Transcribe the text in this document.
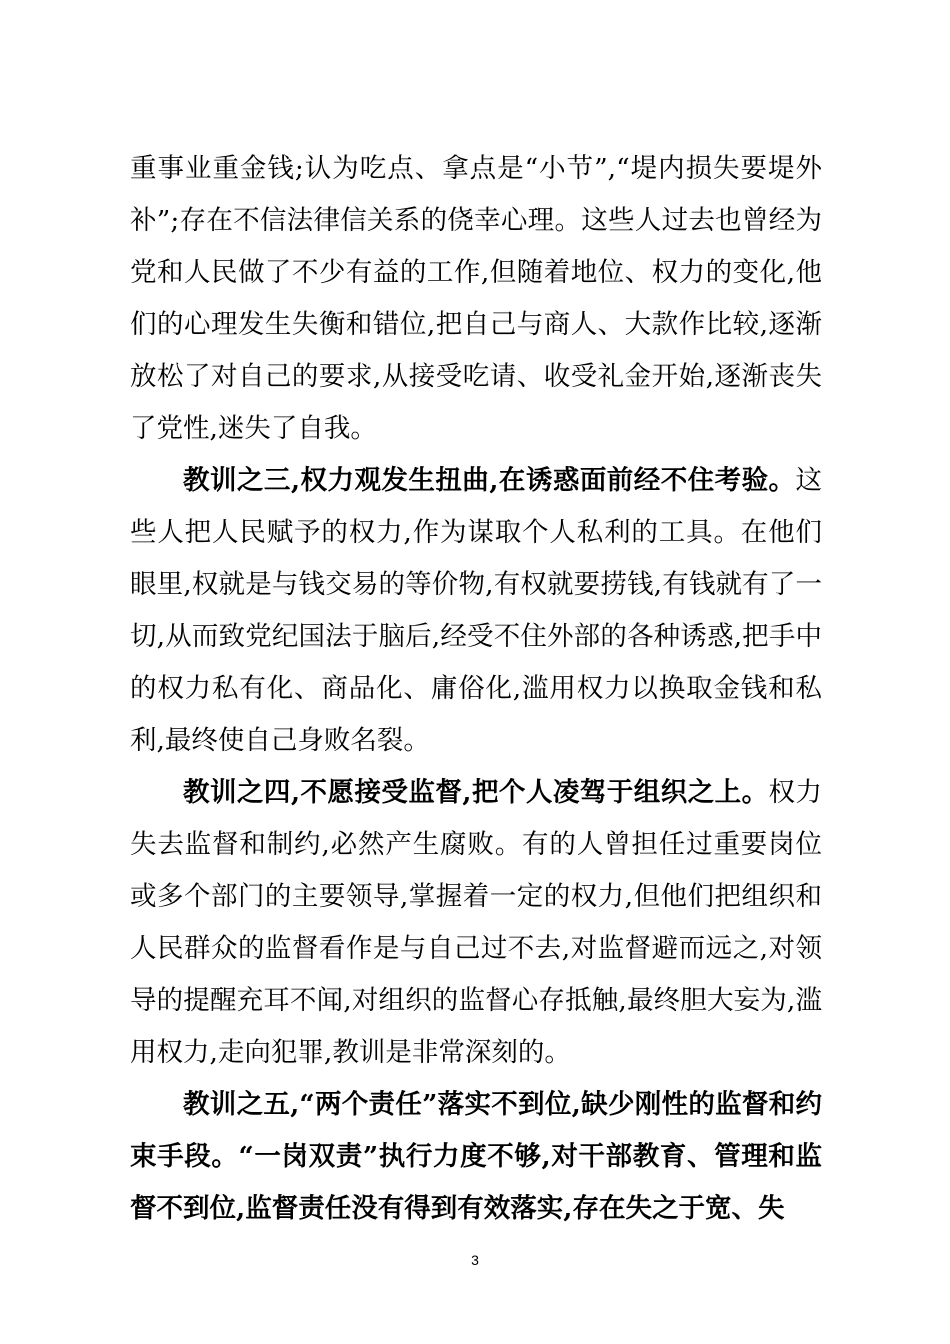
重事业重金钱;认为吃点、拿点是“小节”,“堤内损失要堤外补”;存在不信法律信关系的侥幸心理。这些人过去也曾经为党和人民做了不少有益的工作,但随着地位、权力的变化,他们的心理发生失衡和错位,把自己与商人、大款作比较,逐渐放松了对自己的要求,从接受吃请、收受礼金开始,逐渐丧失了党性,迷失了自我。

教训之三,权力观发生扭曲,在诱惑面前经不住考验。这些人把人民赋予的权力,作为谋取个人私利的工具。在他们眼里,权就是与钱交易的等价物,有权就要捞钱,有钱就有了一切,从而致党纪国法于脑后,经受不住外部的各种诱惑,把手中的权力私有化、商品化、庸俗化,滥用权力以换取金钱和私利,最终使自己身败名裂。

教训之四,不愿接受监督,把个人凌驾于组织之上。权力失去监督和制约,必然产生腐败。有的人曾担任过重要岗位或多个部门的主要领导,掌握着一定的权力,但他们把组织和人民群众的监督看作是与自己过不去,对监督避而远之,对领导的提醒充耳不闻,对组织的监督心存抵触,最终胆大妄为,滥用权力,走向犯罪,教训是非常深刻的。

教训之五,“两个责任”落实不到位,缺少刚性的监督和约束手段。“一岗双责”执行力度不够,对干部教育、管理和监督不到位,监督责任没有得到有效落实,存在失之于宽、失

3
